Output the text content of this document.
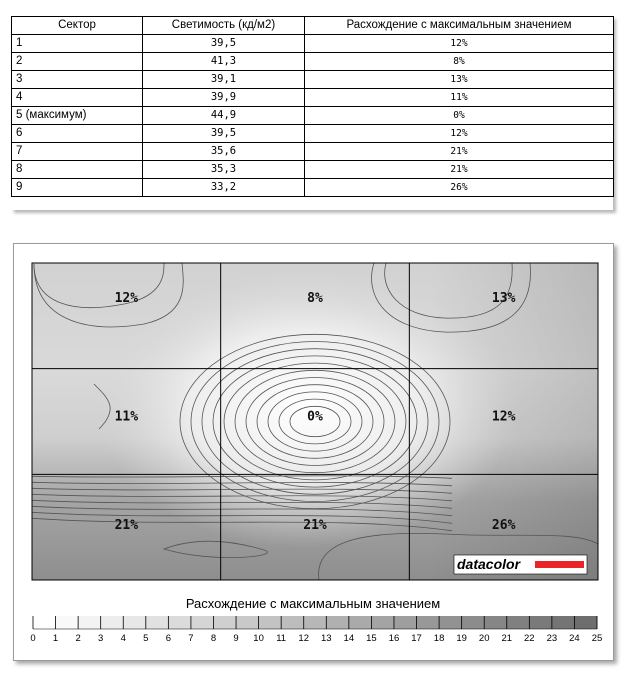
Сектор	Светимость (кд/м2)	Расхождение с максимальным значением
1	39,5	12%
2	41,3	8%
3	39,1	13%
4	39,9	11%
5 (максимум)	44,9	0%
6	39,5	12%
7	35,6	21%
8	35,3	21%
9	33,2	26%
12%	8%	13%
11%	0%	12%
21%	21%	26%
datacolor
Расхождение с максимальным значением
0 1 2 3 4 5 6 7 8 9 10 11 12 13 14 15 16 17 18 19 20 21 22 23 24 25
